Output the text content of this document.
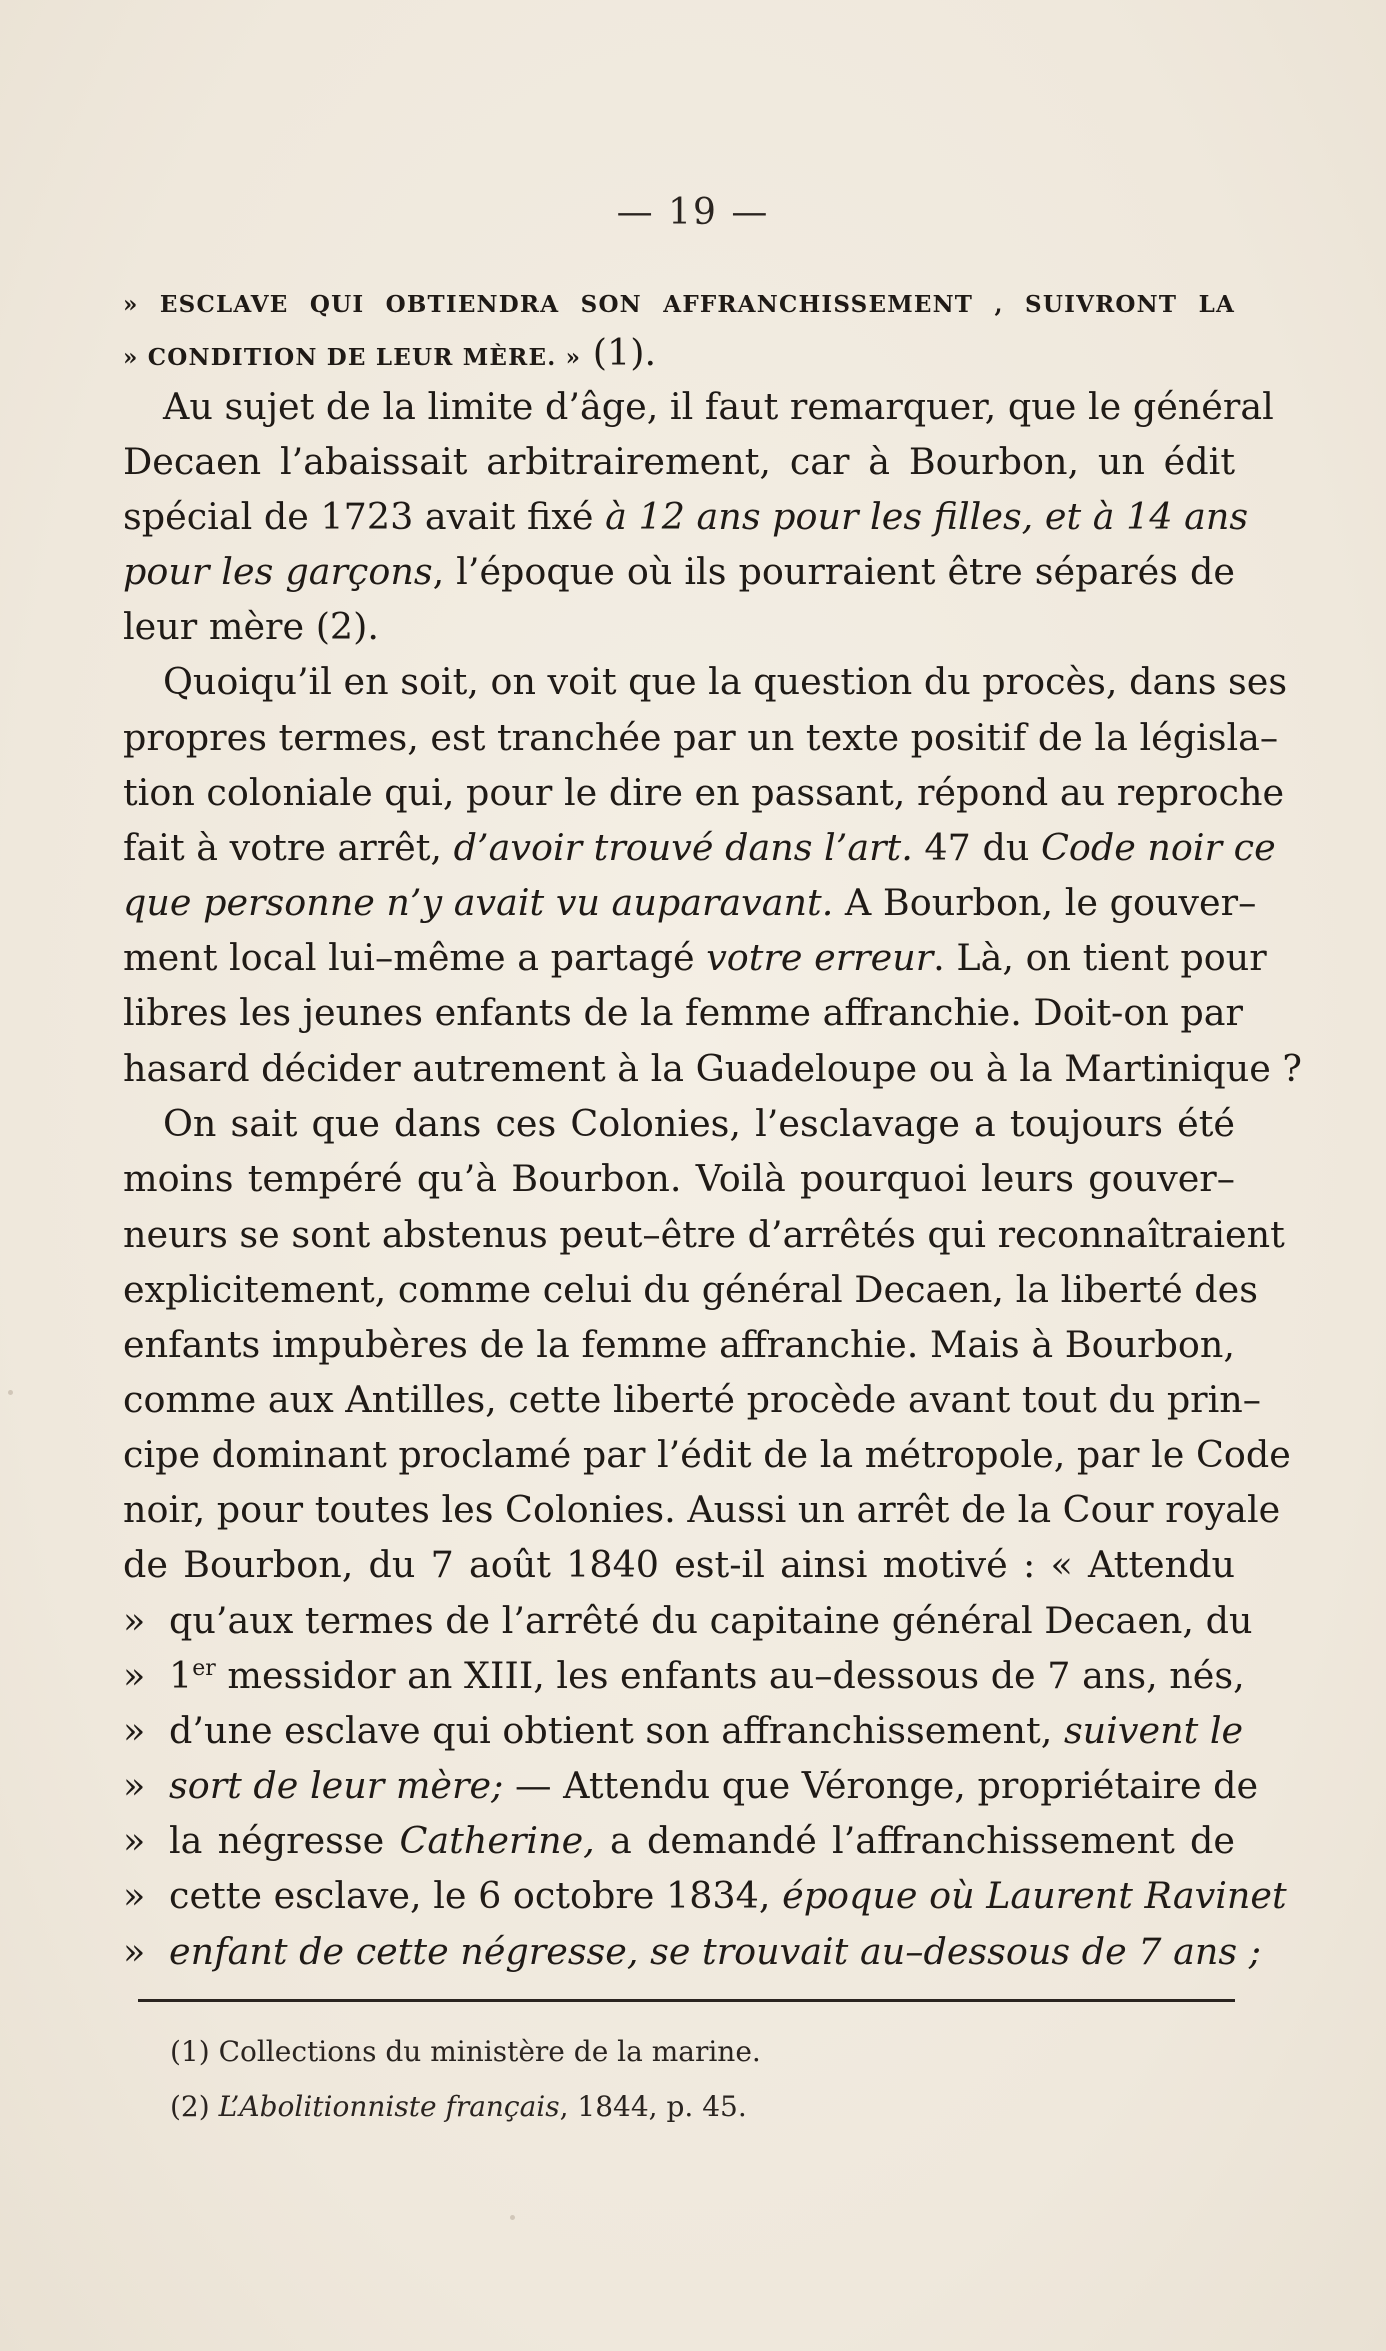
— 19 —
» ESCLAVE QUI OBTIENDRA SON AFFRANCHISSEMENT , SUIVRONT LA
» CONDITION DE LEUR MÈRE. » (1).
Au sujet de la limite d’âge, il faut remarquer, que le général
Decaen l’abaissait arbitrairement, car à Bourbon, un édit
spécial de 1723 avait fixé à 12 ans pour les filles, et à 14 ans
pour les garçons, l’époque où ils pourraient être séparés de
leur mère (2).
Quoiqu’il en soit, on voit que la question du procès, dans ses
propres termes, est tranchée par un texte positif de la législa–
tion coloniale qui, pour le dire en passant, répond au reproche
fait à votre arrêt, d’avoir trouvé dans l’art. 47 du Code noir ce
que personne n’y avait vu auparavant. A Bourbon, le gouver–
ment local lui–même a partagé votre erreur. Là, on tient pour
libres les jeunes enfants de la femme affranchie. Doit-on par
hasard décider autrement à la Guadeloupe ou à la Martinique ?
On sait que dans ces Colonies, l’esclavage a toujours été
moins tempéré qu’à Bourbon. Voilà pourquoi leurs gouver–
neurs se sont abstenus peut–être d’arrêtés qui reconnaîtraient
explicitement, comme celui du général Decaen, la liberté des
enfants impubères de la femme affranchie. Mais à Bourbon,
comme aux Antilles, cette liberté procède avant tout du prin–
cipe dominant proclamé par l’édit de la métropole, par le Code
noir, pour toutes les Colonies. Aussi un arrêt de la Cour royale
de Bourbon, du 7 août 1840 est-il ainsi motivé : « Attendu
» qu’aux termes de l’arrêté du capitaine général Decaen, du
» 1er messidor an XIII, les enfants au–dessous de 7 ans, nés,
» d’une esclave qui obtient son affranchissement, suivent le
» sort de leur mère; — Attendu que Véronge, propriétaire de
» la négresse Catherine, a demandé l’affranchissement de
» cette esclave, le 6 octobre 1834, époque où Laurent Ravinet
» enfant de cette négresse, se trouvait au–dessous de 7 ans ;
(1) Collections du ministère de la marine.
(2) L’Abolitionniste français, 1844, p. 45.
